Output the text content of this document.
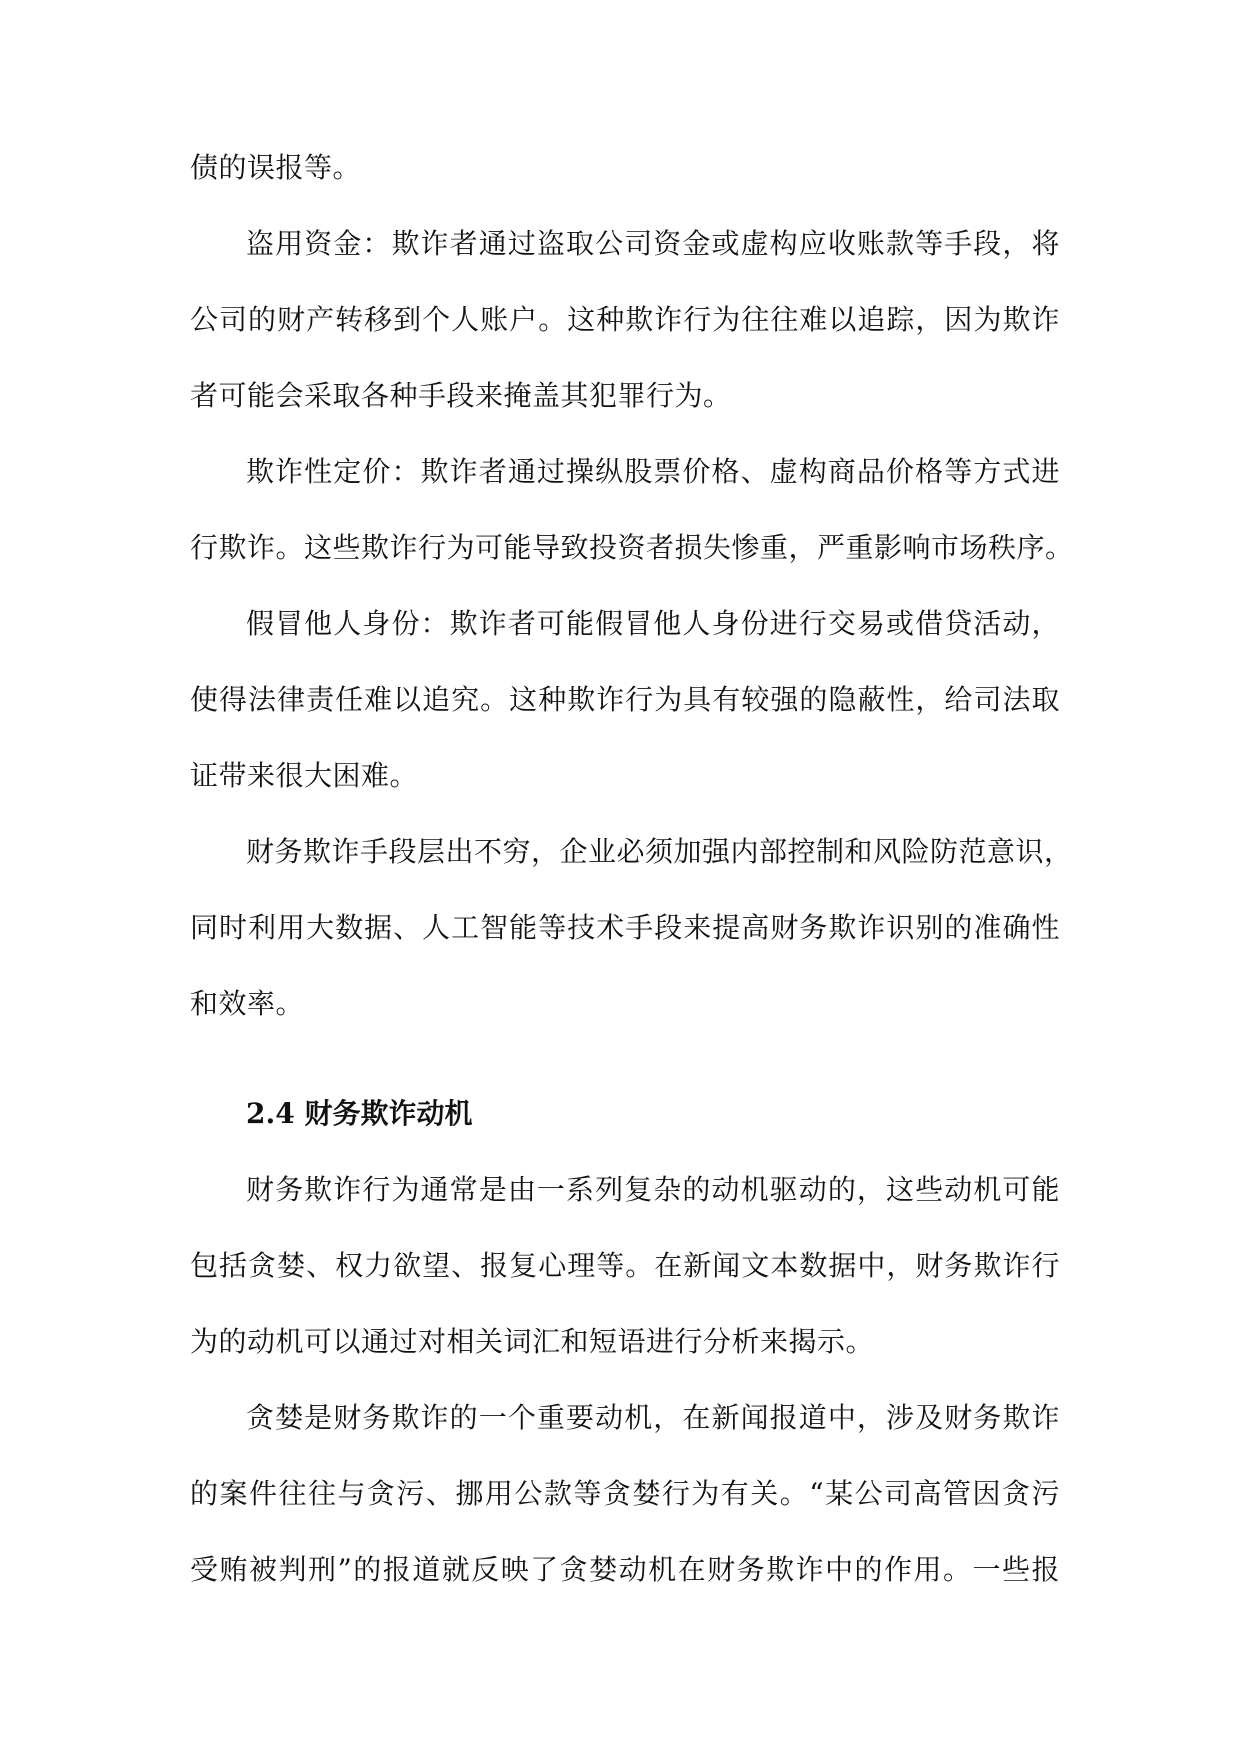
债的误报等。
盗用资金：欺诈者通过盗取公司资金或虚构应收账款等手段，将
公司的财产转移到个人账户。这种欺诈行为往往难以追踪，因为欺诈
者可能会采取各种手段来掩盖其犯罪行为。
欺诈性定价：欺诈者通过操纵股票价格、虚构商品价格等方式进
行欺诈。这些欺诈行为可能导致投资者损失惨重，严重影响市场秩序。
假冒他人身份：欺诈者可能假冒他人身份进行交易或借贷活动，
使得法律责任难以追究。这种欺诈行为具有较强的隐蔽性，给司法取
证带来很大困难。
财务欺诈手段层出不穷，企业必须加强内部控制和风险防范意识，
同时利用大数据、人工智能等技术手段来提高财务欺诈识别的准确性
和效率。
2.4 财务欺诈动机
财务欺诈行为通常是由一系列复杂的动机驱动的，这些动机可能
包括贪婪、权力欲望、报复心理等。在新闻文本数据中，财务欺诈行
为的动机可以通过对相关词汇和短语进行分析来揭示。
贪婪是财务欺诈的一个重要动机，在新闻报道中，涉及财务欺诈
的案件往往与贪污、挪用公款等贪婪行为有关。“某公司高管因贪污
受贿被判刑”的报道就反映了贪婪动机在财务欺诈中的作用。一些报
